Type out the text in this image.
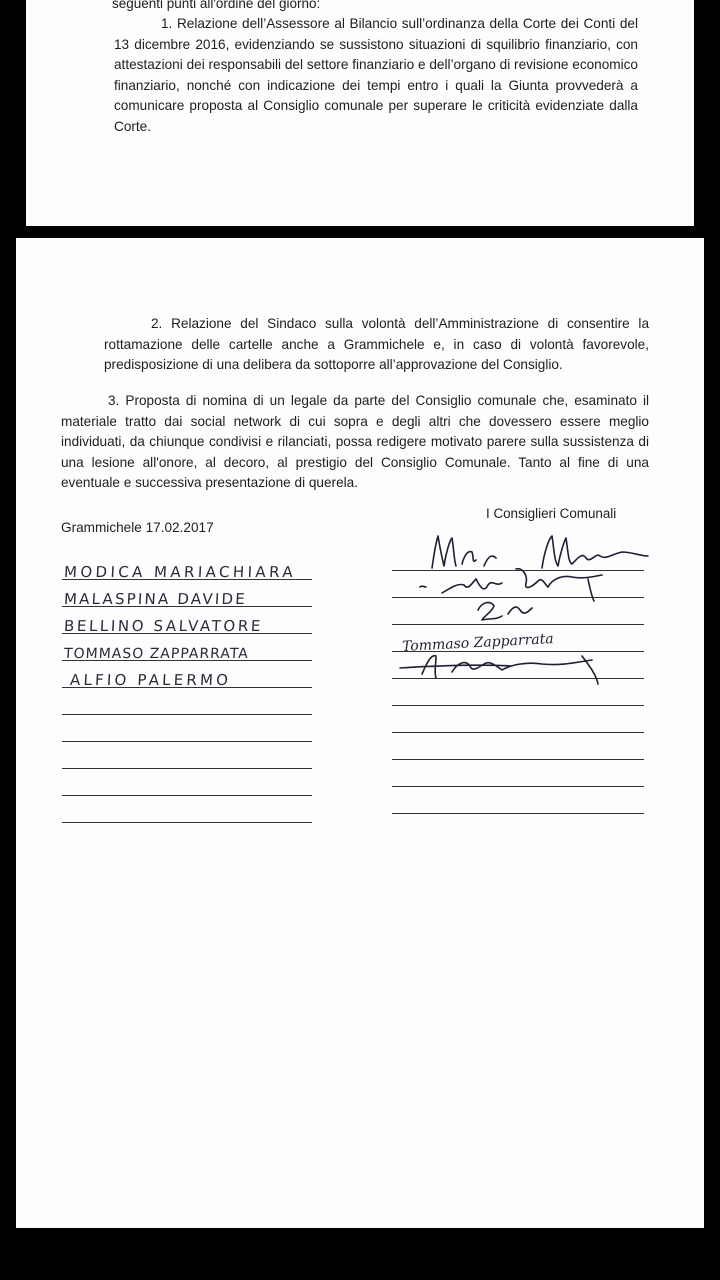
seguenti punti all'ordine del giorno:

1. Relazione dell’Assessore al Bilancio sull’ordinanza della Corte dei Conti del 13 dicembre 2016, evidenziando se sussistono situazioni di squilibrio finanziario, con attestazioni dei responsabili del settore finanziario e dell’organo di revisione economico finanziario, nonché con indicazione dei tempi entro i quali la Giunta provvederà a comunicare proposta al Consiglio comunale per superare le criticità evidenziate dalla Corte.

2. Relazione del Sindaco sulla volontà dell’Amministrazione di consentire la rottamazione delle cartelle anche a Grammichele e, in caso di volontà favorevole, predisposizione di una delibera da sottoporre all’approvazione del Consiglio.

3. Proposta di nomina di un legale da parte del Consiglio comunale che, esaminato il materiale tratto dai social network di cui sopra e degli altri che dovessero essere meglio individuati, da chiunque condivisi e rilanciati, possa redigere motivato parere sulla sussistenza di una lesione all'onore, al decoro, al prestigio del Consiglio Comunale. Tanto al fine di una eventuale e successiva presentazione di querela.

Grammichele 17.02.2017

I Consiglieri Comunali

MODICA MARIACHIARA
MALASPINA DAVIDE
BELLINO SALVATORE
TOMMASO ZAPPARRATA
ALFIO PALERMO
Tommaso Zapparrata
